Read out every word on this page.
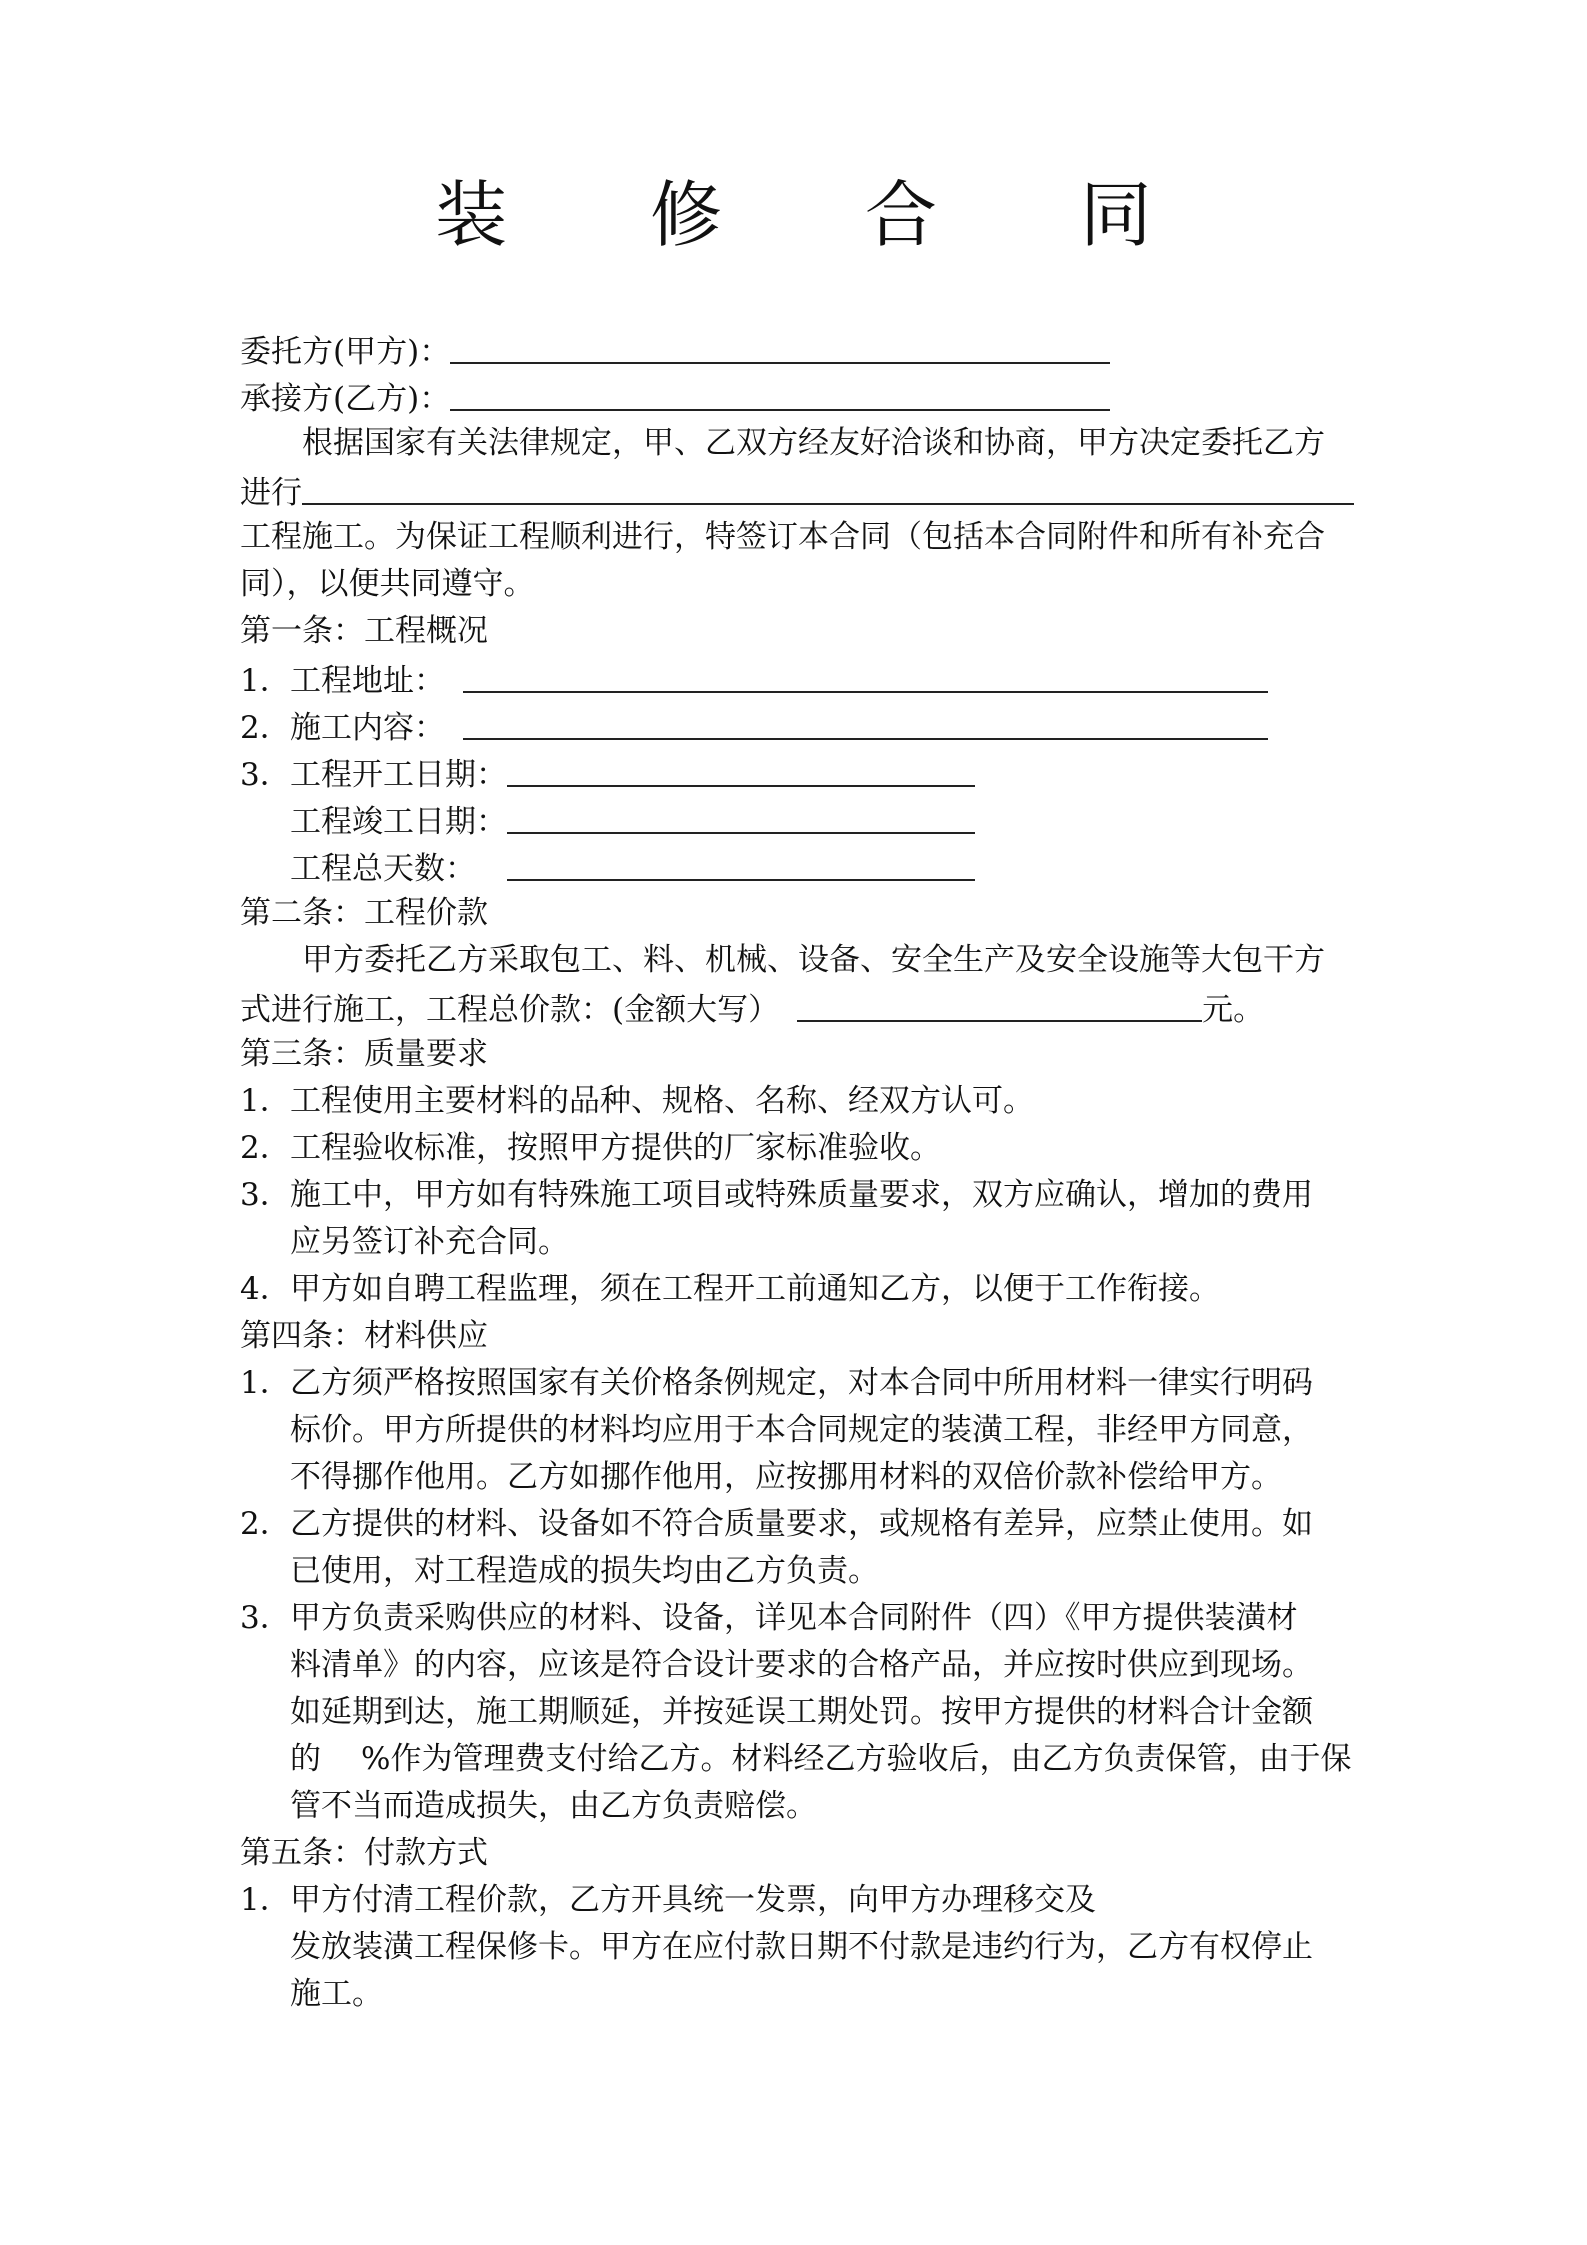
装 修 合 同
委托方(甲方)：
承接方(乙方)：
根据国家有关法律规定，甲、乙双方经友好洽谈和协商，甲方决定委托乙方
进行
工程施工。为保证工程顺利进行，特签订本合同（包括本合同附件和所有补充合
同），以便共同遵守。
第一条：工程概况
1．工程地址：
2．施工内容：
3．工程开工日期：
工程竣工日期：
工程总天数：
第二条：工程价款
甲方委托乙方采取包工、料、机械、设备、安全生产及安全设施等大包干方
式进行施工，工程总价款：(金额大写）	元。
第三条：质量要求
1．工程使用主要材料的品种、规格、名称、经双方认可。
2．工程验收标准，按照甲方提供的厂家标准验收。
3．施工中，甲方如有特殊施工项目或特殊质量要求，双方应确认，增加的费用
应另签订补充合同。
4．甲方如自聘工程监理，须在工程开工前通知乙方，以便于工作衔接。
第四条：材料供应
1．乙方须严格按照国家有关价格条例规定，对本合同中所用材料一律实行明码
标价。甲方所提供的材料均应用于本合同规定的装潢工程，非经甲方同意，
不得挪作他用。乙方如挪作他用，应按挪用材料的双倍价款补偿给甲方。
2．乙方提供的材料、设备如不符合质量要求，或规格有差异，应禁止使用。如
已使用，对工程造成的损失均由乙方负责。
3．甲方负责采购供应的材料、设备，详见本合同附件（四）《甲方提供装潢材
料清单》的内容，应该是符合设计要求的合格产品，并应按时供应到现场。
如延期到达，施工期顺延，并按延误工期处罚。按甲方提供的材料合计金额
的 %作为管理费支付给乙方。材料经乙方验收后，由乙方负责保管，由于保
管不当而造成损失，由乙方负责赔偿。
第五条：付款方式
1．甲方付清工程价款，乙方开具统一发票，向甲方办理移交及
发放装潢工程保修卡。甲方在应付款日期不付款是违约行为，乙方有权停止
施工。
